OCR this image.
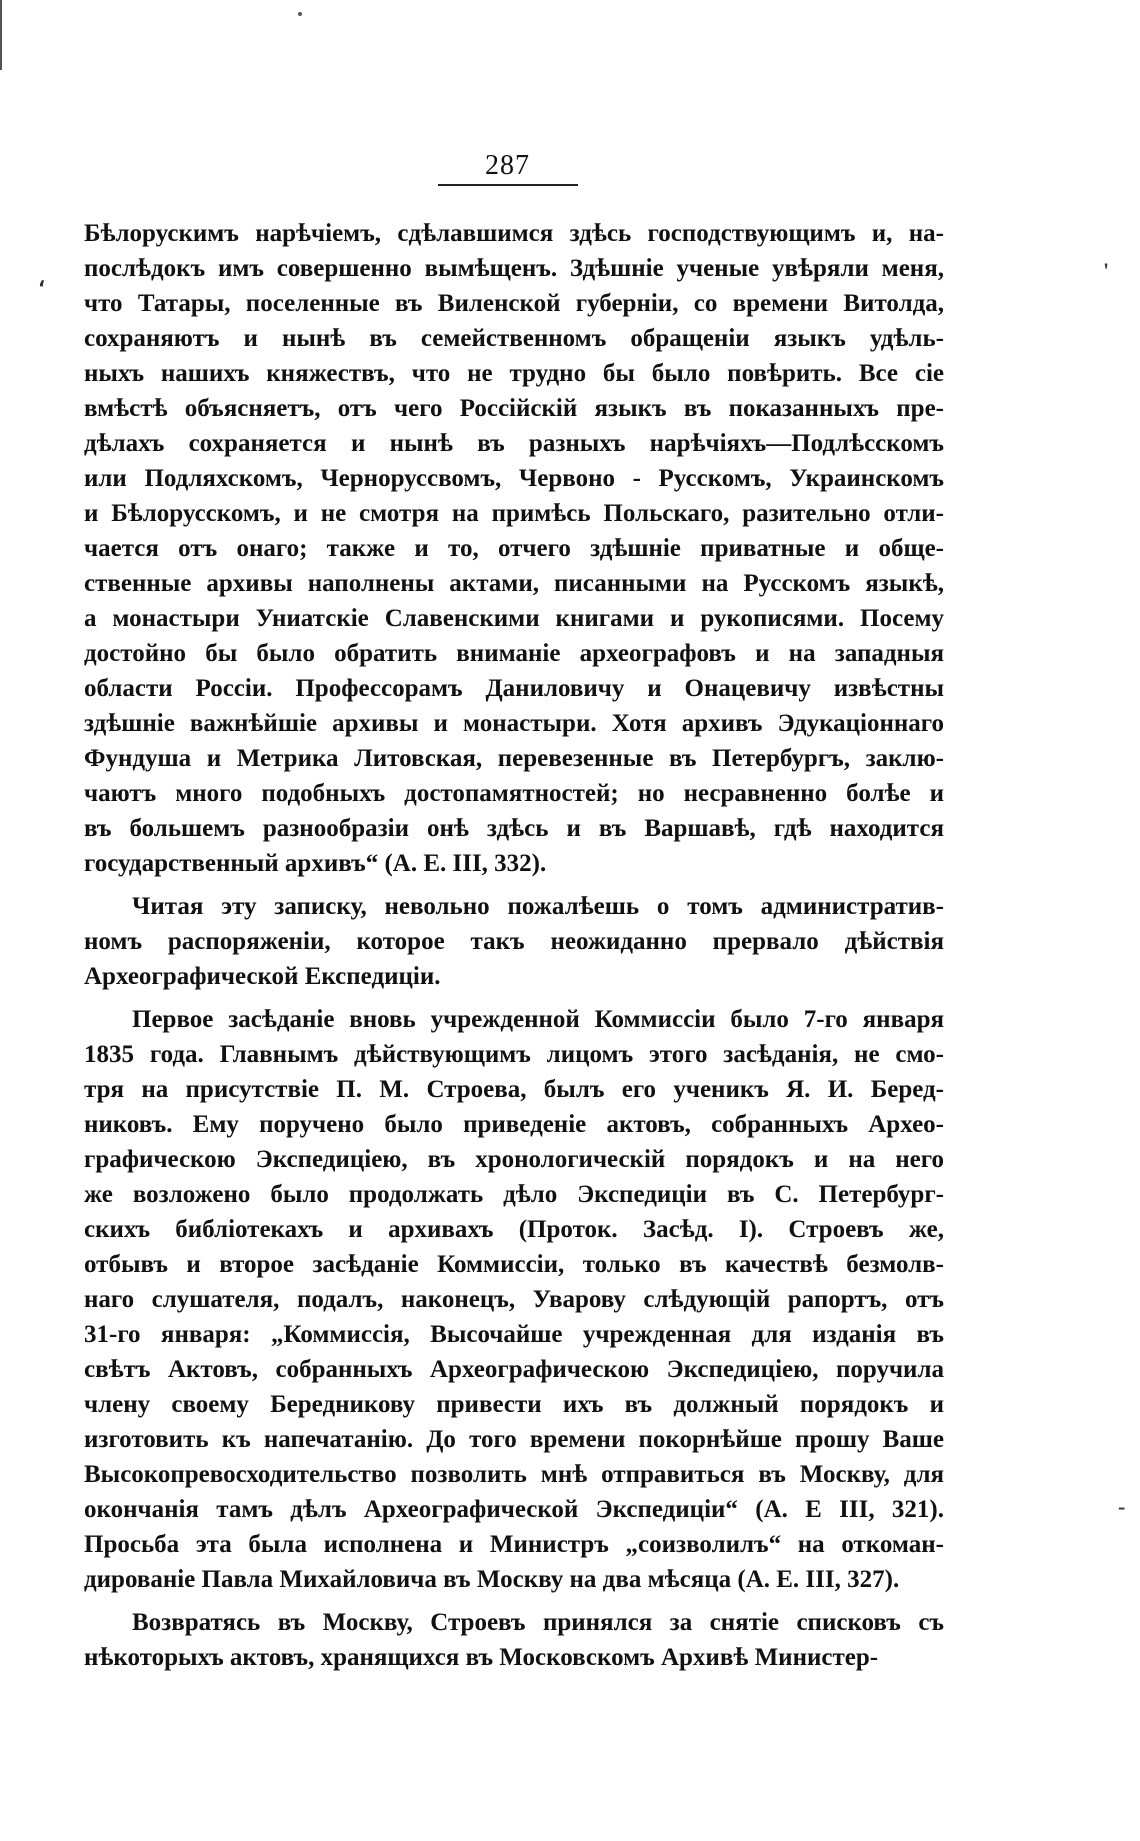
287
،	'
-
Бѣлорускимъ нарѣчіемъ, сдѣлавшимся здѣсь господствующимъ и, на-
послѣдокъ имъ совершенно вымѣщенъ. Здѣшніе ученые увѣряли меня,
что Татары, поселенные въ Виленской губерніи, со времени Витолда,
сохраняютъ и нынѣ въ семейственномъ обращеніи языкъ удѣль-
ныхъ нашихъ княжествъ, что не трудно бы было повѣрить. Все сіе
вмѣстѣ объясняетъ, отъ чего Россійскій языкъ въ показанныхъ пре-
дѣлахъ сохраняется и нынѣ въ разныхъ нарѣчіяхъ—Подлѣсскомъ
или Подляхскомъ, Черноруссвомъ, Червоно - Русскомъ, Украинскомъ
и Бѣлорусскомъ, и не смотря на примѣсь Польскаго, разительно отли-
чается отъ онаго; также и то, отчего здѣшніе приватные и обще-
ственные архивы наполнены актами, писанными на Русскомъ языкѣ,
а монастыри Униатскіе Славенскими книгами и рукописями. Посему
достойно бы было обратить вниманіе археографовъ и на западныя
области Россіи. Профессорамъ Даниловичу и Онацевичу извѣстны
здѣшніе важнѣйшіе архивы и монастыри. Хотя архивъ Эдукаціоннаго
Фундуша и Метрика Литовская, перевезенные въ Петербургъ, заклю-
чаютъ много подобныхъ достопамятностей; но несравненно болѣе и
въ большемъ разнообразіи онѣ здѣсь и въ Варшавѣ, гдѣ находится
государственный архивъ“ (А. Е. III, 332).
Читая эту записку, невольно пожалѣешь о томъ административ-
номъ распоряженіи, которое такъ неожиданно прервало дѣйствія
Археографической Експедиціи.
Первое засѣданіе вновь учрежденной Коммиссіи было 7-го января
1835 года. Главнымъ дѣйствующимъ лицомъ этого засѣданія, не смо-
тря на присутствіе П. М. Строева, былъ его ученикъ Я. И. Беред-
никовъ. Ему поручено было приведеніе актовъ, собранныхъ Архео-
графическою Экспедиціею, въ хронологическій порядокъ и на него
же возложено было продолжать дѣло Экспедиціи въ С. Петербург-
скихъ библіотекахъ и архивахъ (Проток. Засѣд. I). Строевъ же,
отбывъ и второе засѣданіе Коммиссіи, только въ качествѣ безмолв-
наго слушателя, подалъ, наконецъ, Уварову слѣдующій рапортъ, отъ
31-го января: „Коммиссія, Высочайше учрежденная для изданія въ
свѣтъ Актовъ, собранныхъ Археографическою Экспедиціею, поручила
члену своему Бередникову привести ихъ въ должный порядокъ и
изготовить къ напечатанію. До того времени покорнѣйше прошу Ваше
Высокопревосходительство позволить мнѣ отправиться въ Москву, для
окончанія тамъ дѣлъ Археографической Экспедиціи“ (А. Е III, 321).
Просьба эта была исполнена и Министръ „соизволилъ“ на откоман-
дированіе Павла Михайловича въ Москву на два мѣсяца (А. Е. III, 327).
Возвратясь въ Москву, Строевъ принялся за снятіе списковъ съ
нѣкоторыхъ актовъ, хранящихся въ Московскомъ Архивѣ Министер-
